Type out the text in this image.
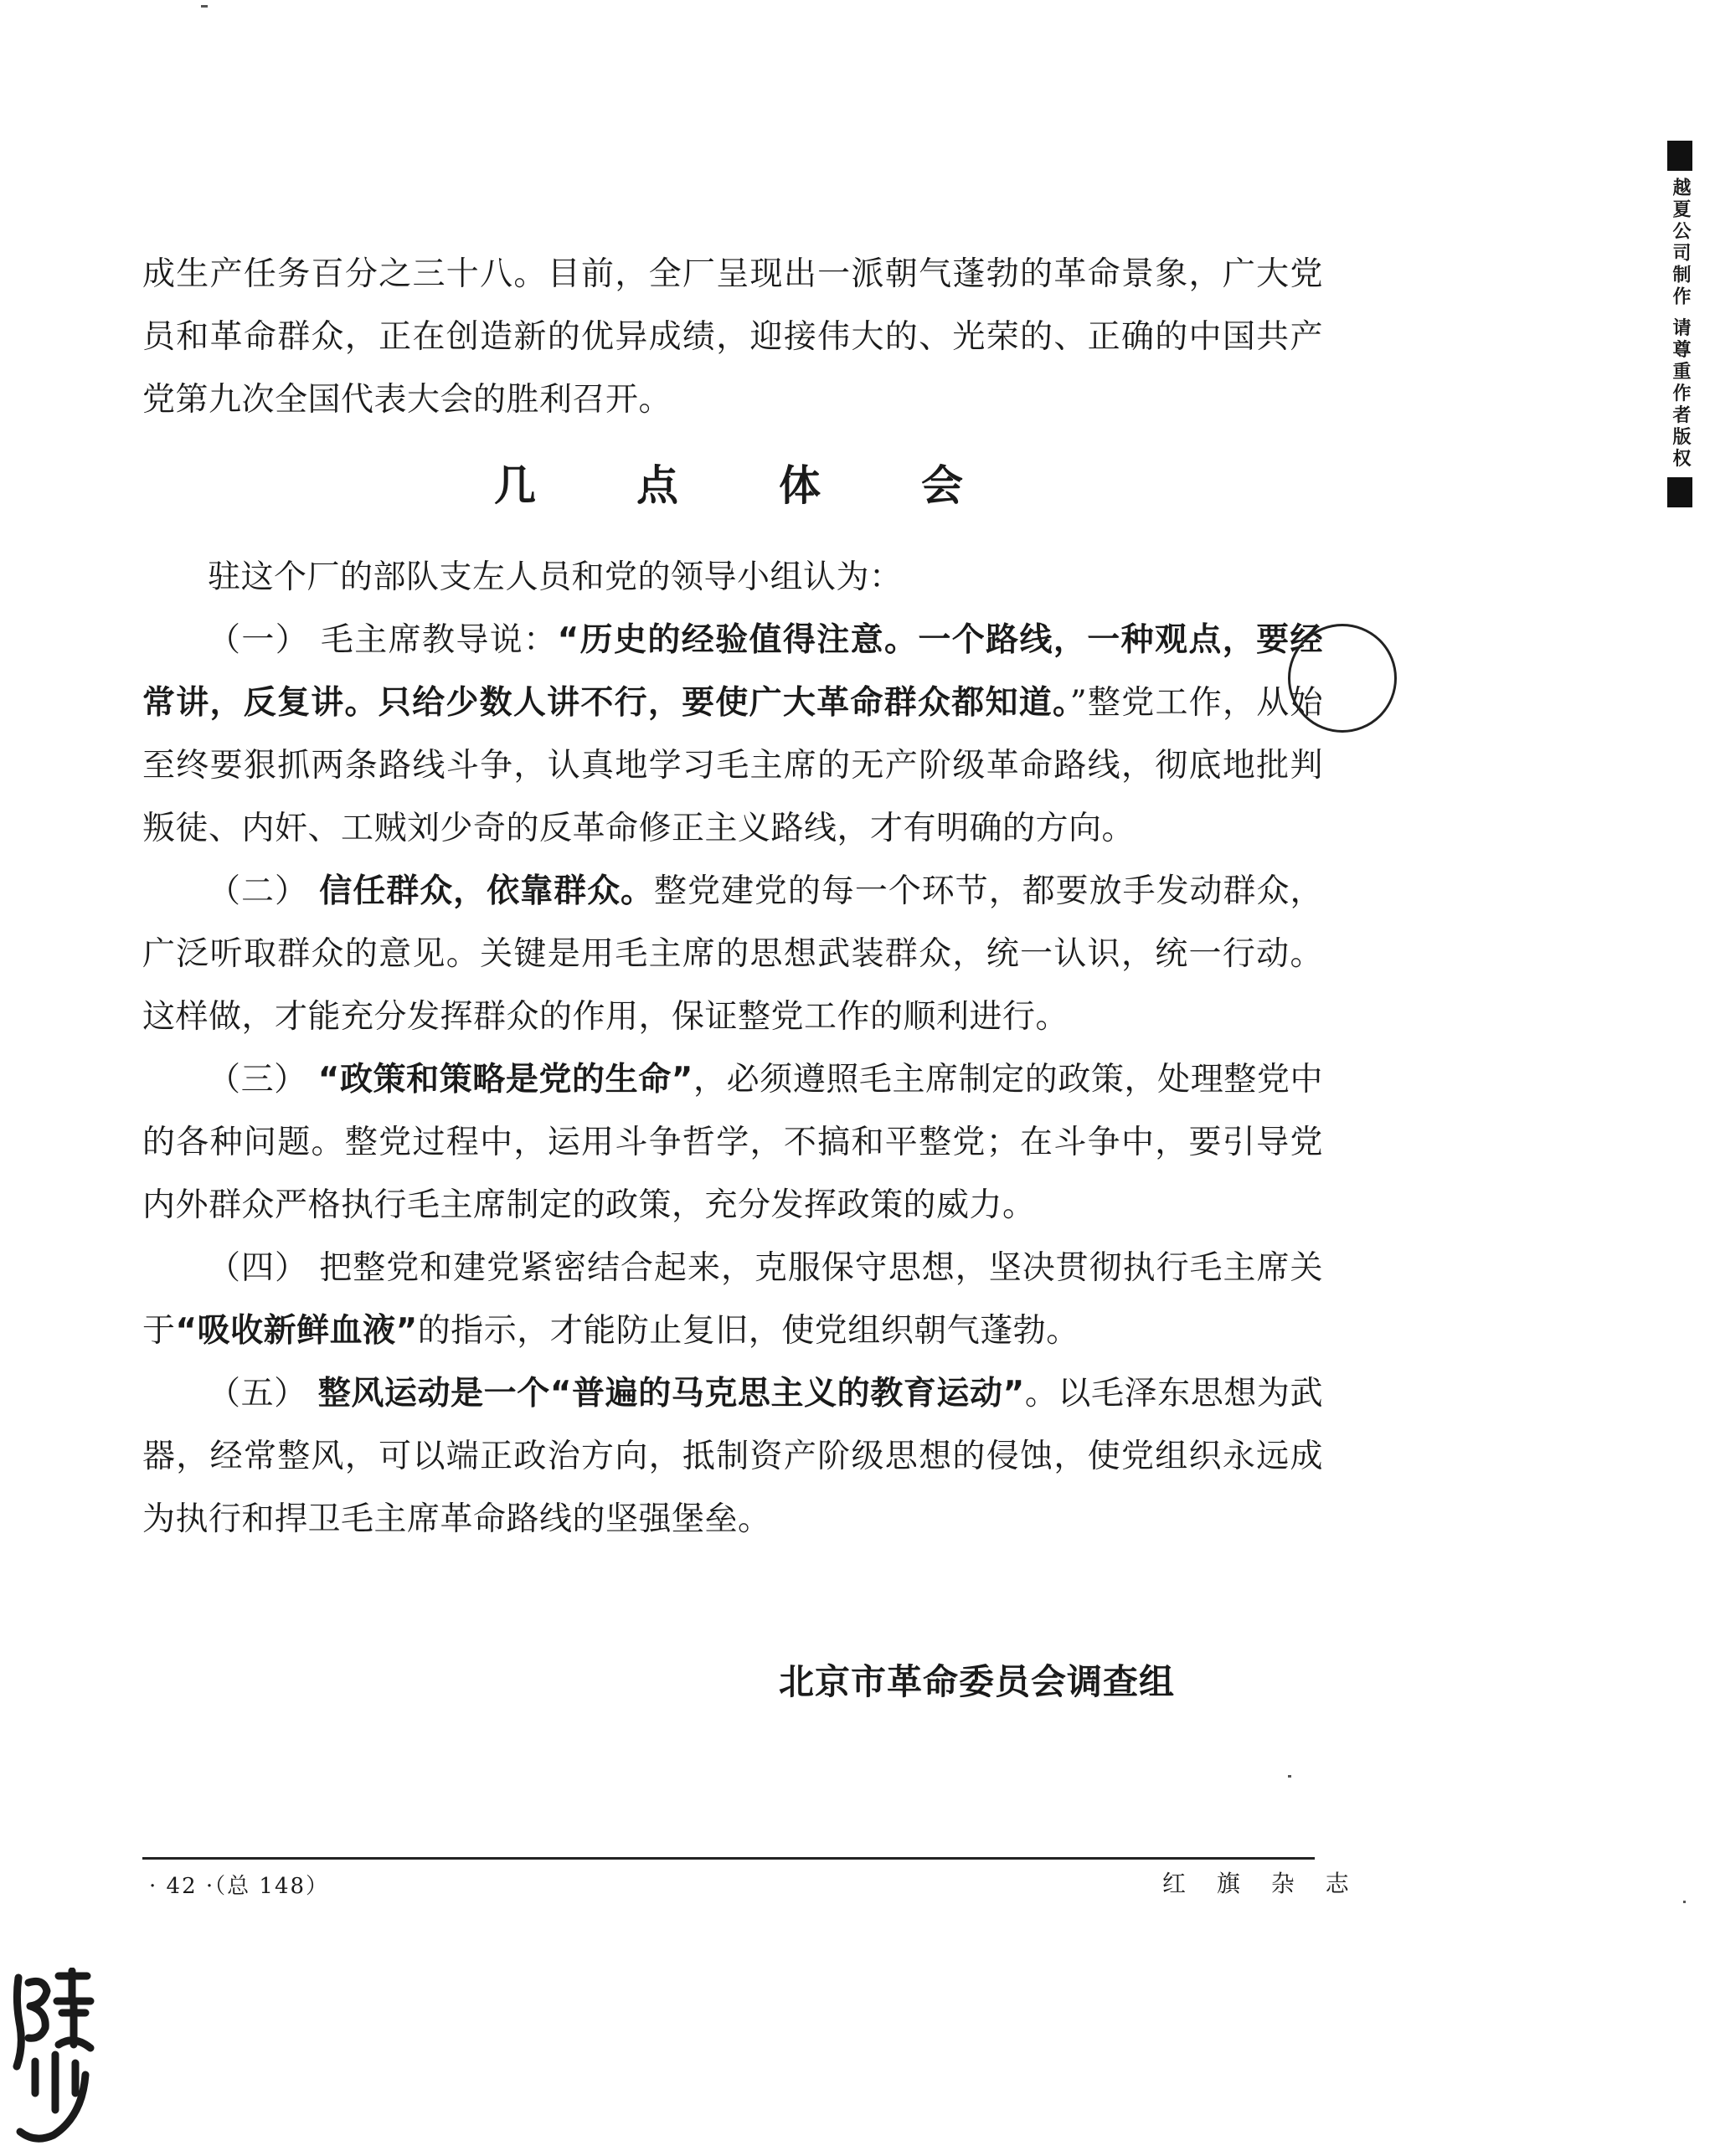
成生产任务百分之三十八。目前，全厂呈现出一派朝气蓬勃的革命景象，广大党员和革命群众，正在创造新的优异成绩，迎接伟大的、光荣的、正确的中国共产党第九次全国代表大会的胜利召开。

几 点 体 会

驻这个厂的部队支左人员和党的领导小组认为：

（一） 毛主席教导说：“历史的经验值得注意。一个路线，一种观点，要经常讲，反复讲。只给少数人讲不行，要使广大革命群众都知道。”整党工作，从始至终要狠抓两条路线斗争，认真地学习毛主席的无产阶级革命路线，彻底地批判叛徒、内奸、工贼刘少奇的反革命修正主义路线，才有明确的方向。

（二） 信任群众，依靠群众。整党建党的每一个环节，都要放手发动群众，广泛听取群众的意见。关键是用毛主席的思想武装群众，统一认识，统一行动。这样做，才能充分发挥群众的作用，保证整党工作的顺利进行。

（三） “政策和策略是党的生命”，必须遵照毛主席制定的政策，处理整党中的各种问题。整党过程中，运用斗争哲学，不搞和平整党；在斗争中，要引导党内外群众严格执行毛主席制定的政策，充分发挥政策的威力。

（四） 把整党和建党紧密结合起来，克服保守思想，坚决贯彻执行毛主席关于“吸收新鲜血液”的指示，才能防止复旧，使党组织朝气蓬勃。

（五） 整风运动是一个“普遍的马克思主义的教育运动”。以毛泽东思想为武器，经常整风，可以端正政治方向，抵制资产阶级思想的侵蚀，使党组织永远成为执行和捍卫毛主席革命路线的坚强堡垒。

北京市革命委员会调查组
· 42 ·（总 148）	红 旗 杂 志
越夏公司制作 请尊重作者版权
